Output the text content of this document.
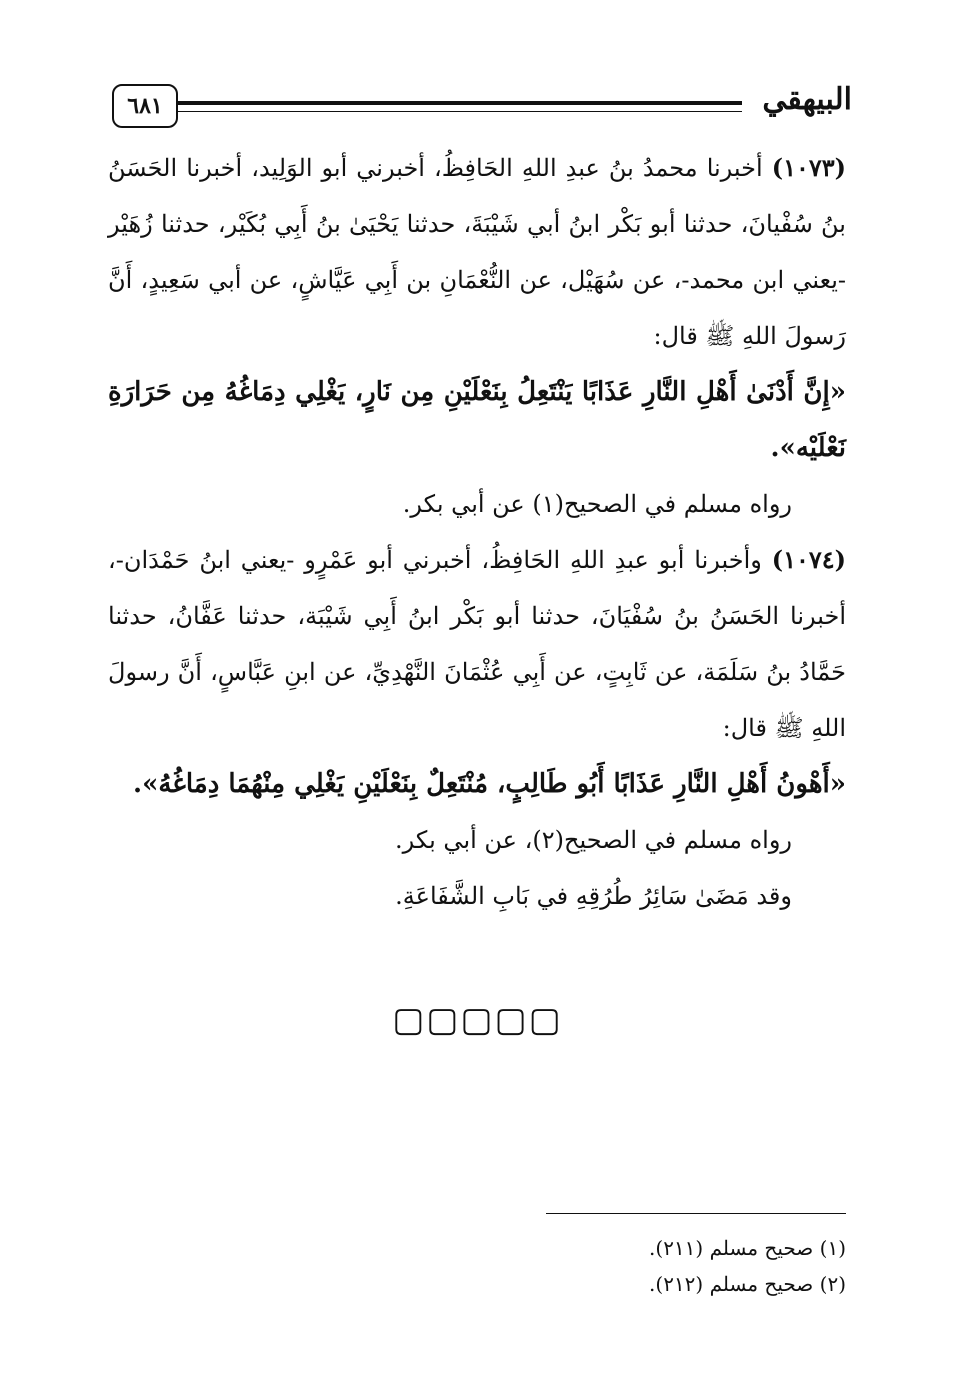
٦٨١	البيهقي

(١٠٧٣) أخبرنا محمدُ بنُ عبدِ اللهِ الحَافِظُ، أخبرني أبو الوَلِيد، أخبرنا الحَسَنُ بنُ سُفْيانَ، حدثنا أبو بَكْر ابنُ أبي شَيْبَةَ، حدثنا يَحْيَىٰ بنُ أَبِي بُكَيْر، حدثنا زُهَيْر -يعني ابن محمد-، عن سُهَيْل، عن النُّعْمَانِ بن أَبِي عَيَّاشٍ، عن أبي سَعِيدٍ، أَنَّ رَسولَ اللهِ ﷺ قال:

«إِنَّ أَدْنَىٰ أَهْلِ النَّارِ عَذَابًا يَنْتَعِلُ بِنَعْلَيْنِ مِن نَارٍ، يَغْلِي دِمَاغُهُ مِن حَرَارَةِ نَعْلَيْه».

رواه مسلم في الصحيح(١) عن أبي بكر.

(١٠٧٤) وأخبرنا أبو عبدِ اللهِ الحَافِظُ، أخبرني أبو عَمْرٍو -يعني ابنُ حَمْدَان-، أخبرنا الحَسَنُ بنُ سُفْيَانَ، حدثنا أبو بَكْر ابنُ أَبِي شَيْبَة، حدثنا عَفَّانُ، حدثنا حَمَّادُ بنُ سَلَمَة، عن ثَابِتٍ، عن أَبِي عُثْمَانَ النَّهْدِيِّ، عن ابنِ عَبَّاسٍ، أَنَّ رسولَ اللهِ ﷺ قال:

«أَهْونُ أَهْلِ النَّارِ عَذَابًا أَبُو طَالِبٍ، مُنْتَعِلٌ بِنَعْلَيْنِ يَغْلِي مِنْهُمَا دِمَاغُهُ».

رواه مسلم في الصحيح(٢)، عن أبي بكر.

وقد مَضَىٰ سَائِرُ طُرُقِهِ في بَابِ الشَّفَاعَةِ.

▢▢▢▢▢

(١) صحيح مسلم (٢١١).

(٢) صحيح مسلم (٢١٢).
